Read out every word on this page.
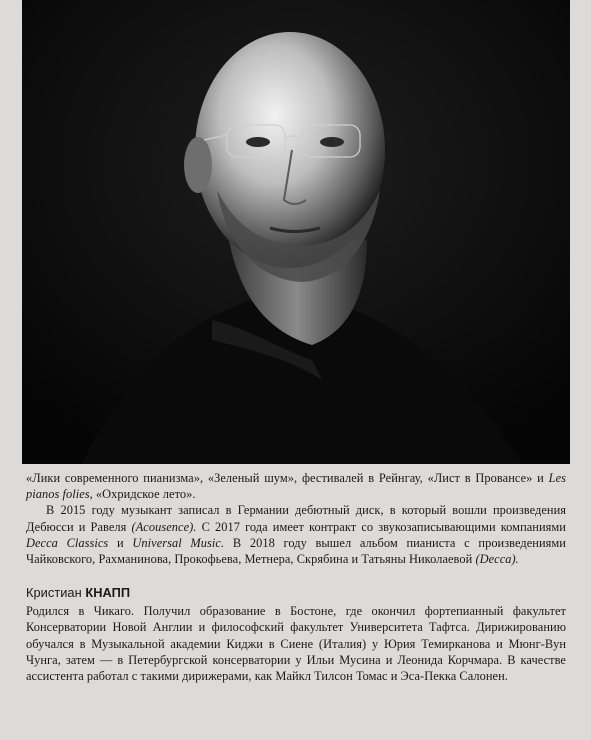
«Лики современного пианизма», «Зеленый шум», фестивалей в Рейнгау, «Лист в Провансе» и Les pianos folies, «Охридское лето».

В 2015 году музыкант записал в Германии дебютный диск, в который вошли произведения Дебюсси и Равеля (Acousence). С 2017 года имеет контракт со звукозаписывающими компаниями Decca Classics и Universal Music. В 2018 году вышел альбом пианиста с произведениями Чайковского, Рахманинова, Прокофьева, Метнера, Скрябина и Татьяны Николаевой (Decca).

Кристиан КНАПП

Родился в Чикаго. Получил образование в Бостоне, где окончил фортепианный факультет Консерватории Новой Англии и философский факультет Университета Тафтса. Дирижированию обучался в Музыкальной академии Киджи в Сиене (Италия) у Юрия Темирканова и Мюнг-Вун Чунга, затем — в Петербургской консерватории у Ильи Мусина и Леонида Корчмара. В качестве ассистента работал с такими дирижерами, как Майкл Тилсон Томас и Эса-Пекка Салонен.
